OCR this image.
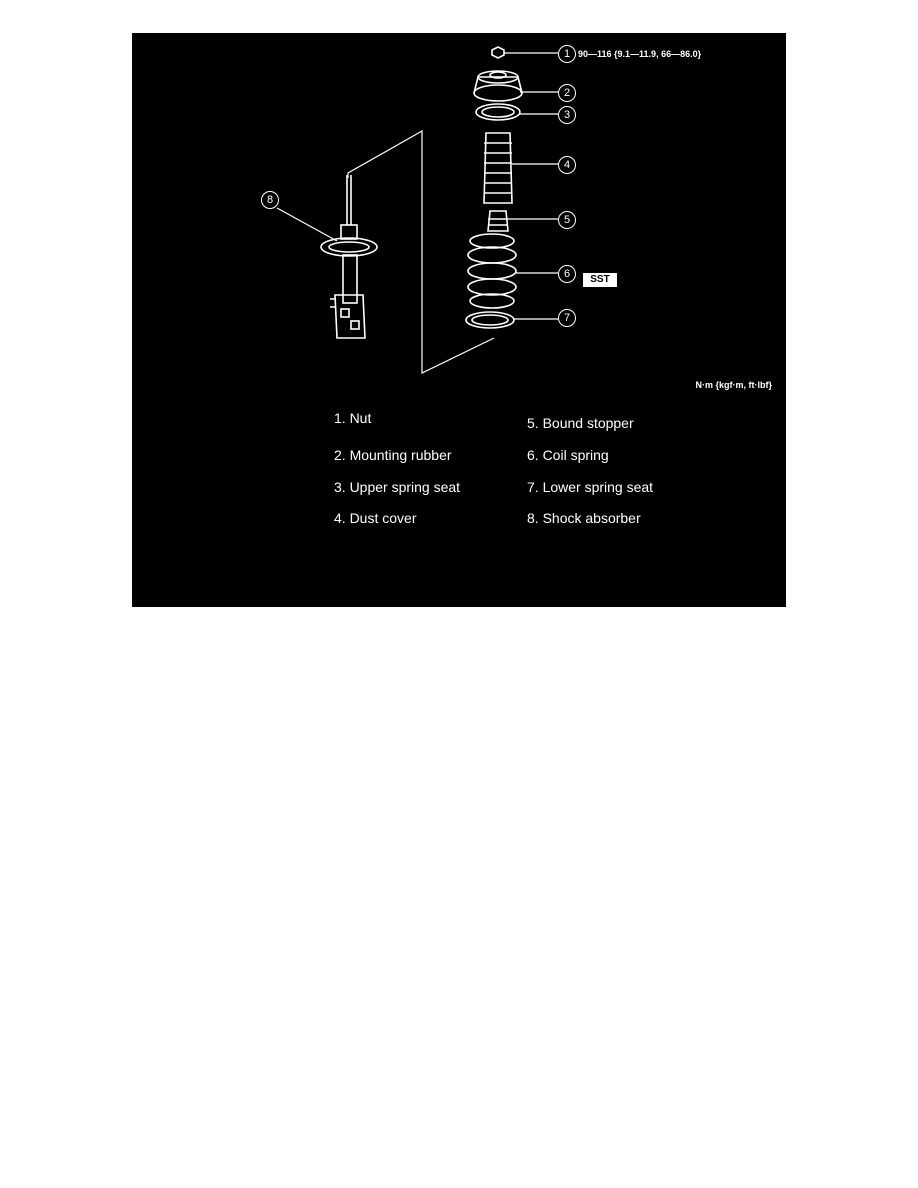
1
2
3
4
5
6
7
8
90—116 {9.1—11.9, 66—86.0}
SST
N·m {kgf·m, ft·lbf}
1. Nut
2. Mounting rubber
3. Upper spring seat
4. Dust cover
5. Bound stopper
6. Coil spring
7. Lower spring seat
8. Shock absorber
